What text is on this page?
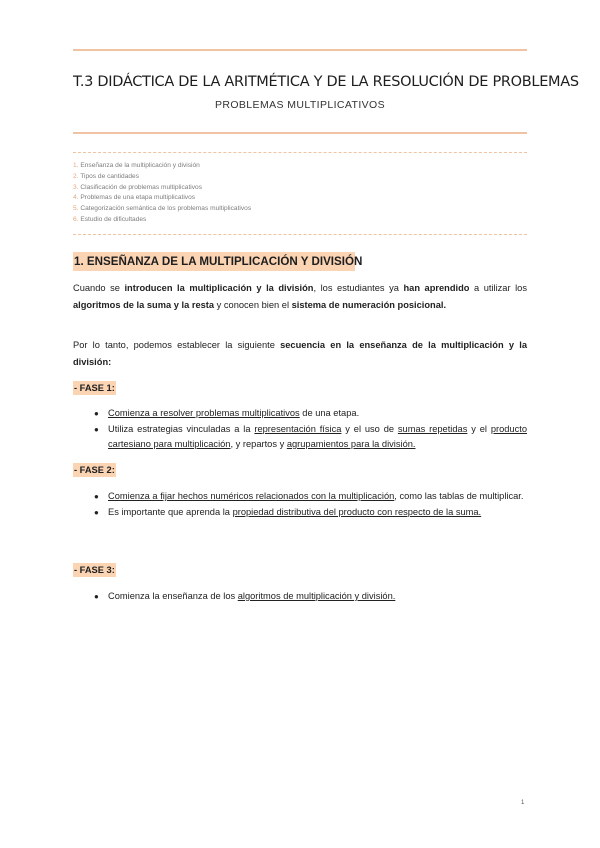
T.3 DIDÁCTICA DE LA ARITMÉTICA Y DE LA RESOLUCIÓN DE PROBLEMAS
PROBLEMAS MULTIPLICATIVOS
1. Enseñanza de la multiplicación y división
2. Tipos de cantidades
3. Clasificación de problemas multiplicativos
4. Problemas de una etapa multiplicativos
5. Categorización semántica de los problemas multiplicativos
6. Estudio de dificultades
1. ENSEÑANZA DE LA MULTIPLICACIÓN Y DIVISIÓN

Cuando se introducen la multiplicación y la división, los estudiantes ya han aprendido a utilizar los algoritmos de la suma y la resta y conocen bien el sistema de numeración posicional.

Por lo tanto, podemos establecer la siguiente secuencia en la enseñanza de la multiplicación y la división:

- FASE 1:
● Comienza a resolver problemas multiplicativos de una etapa.
● Utiliza estrategias vinculadas a la representación física y el uso de sumas repetidas y el producto cartesiano para multiplicación, y repartos y agrupamientos para la división.
- FASE 2:
● Comienza a fijar hechos numéricos relacionados con la multiplicación, como las tablas de multiplicar.
● Es importante que aprenda la propiedad distributiva del producto con respecto de la suma.
- FASE 3:
● Comienza la enseñanza de los algoritmos de multiplicación y división.
1
